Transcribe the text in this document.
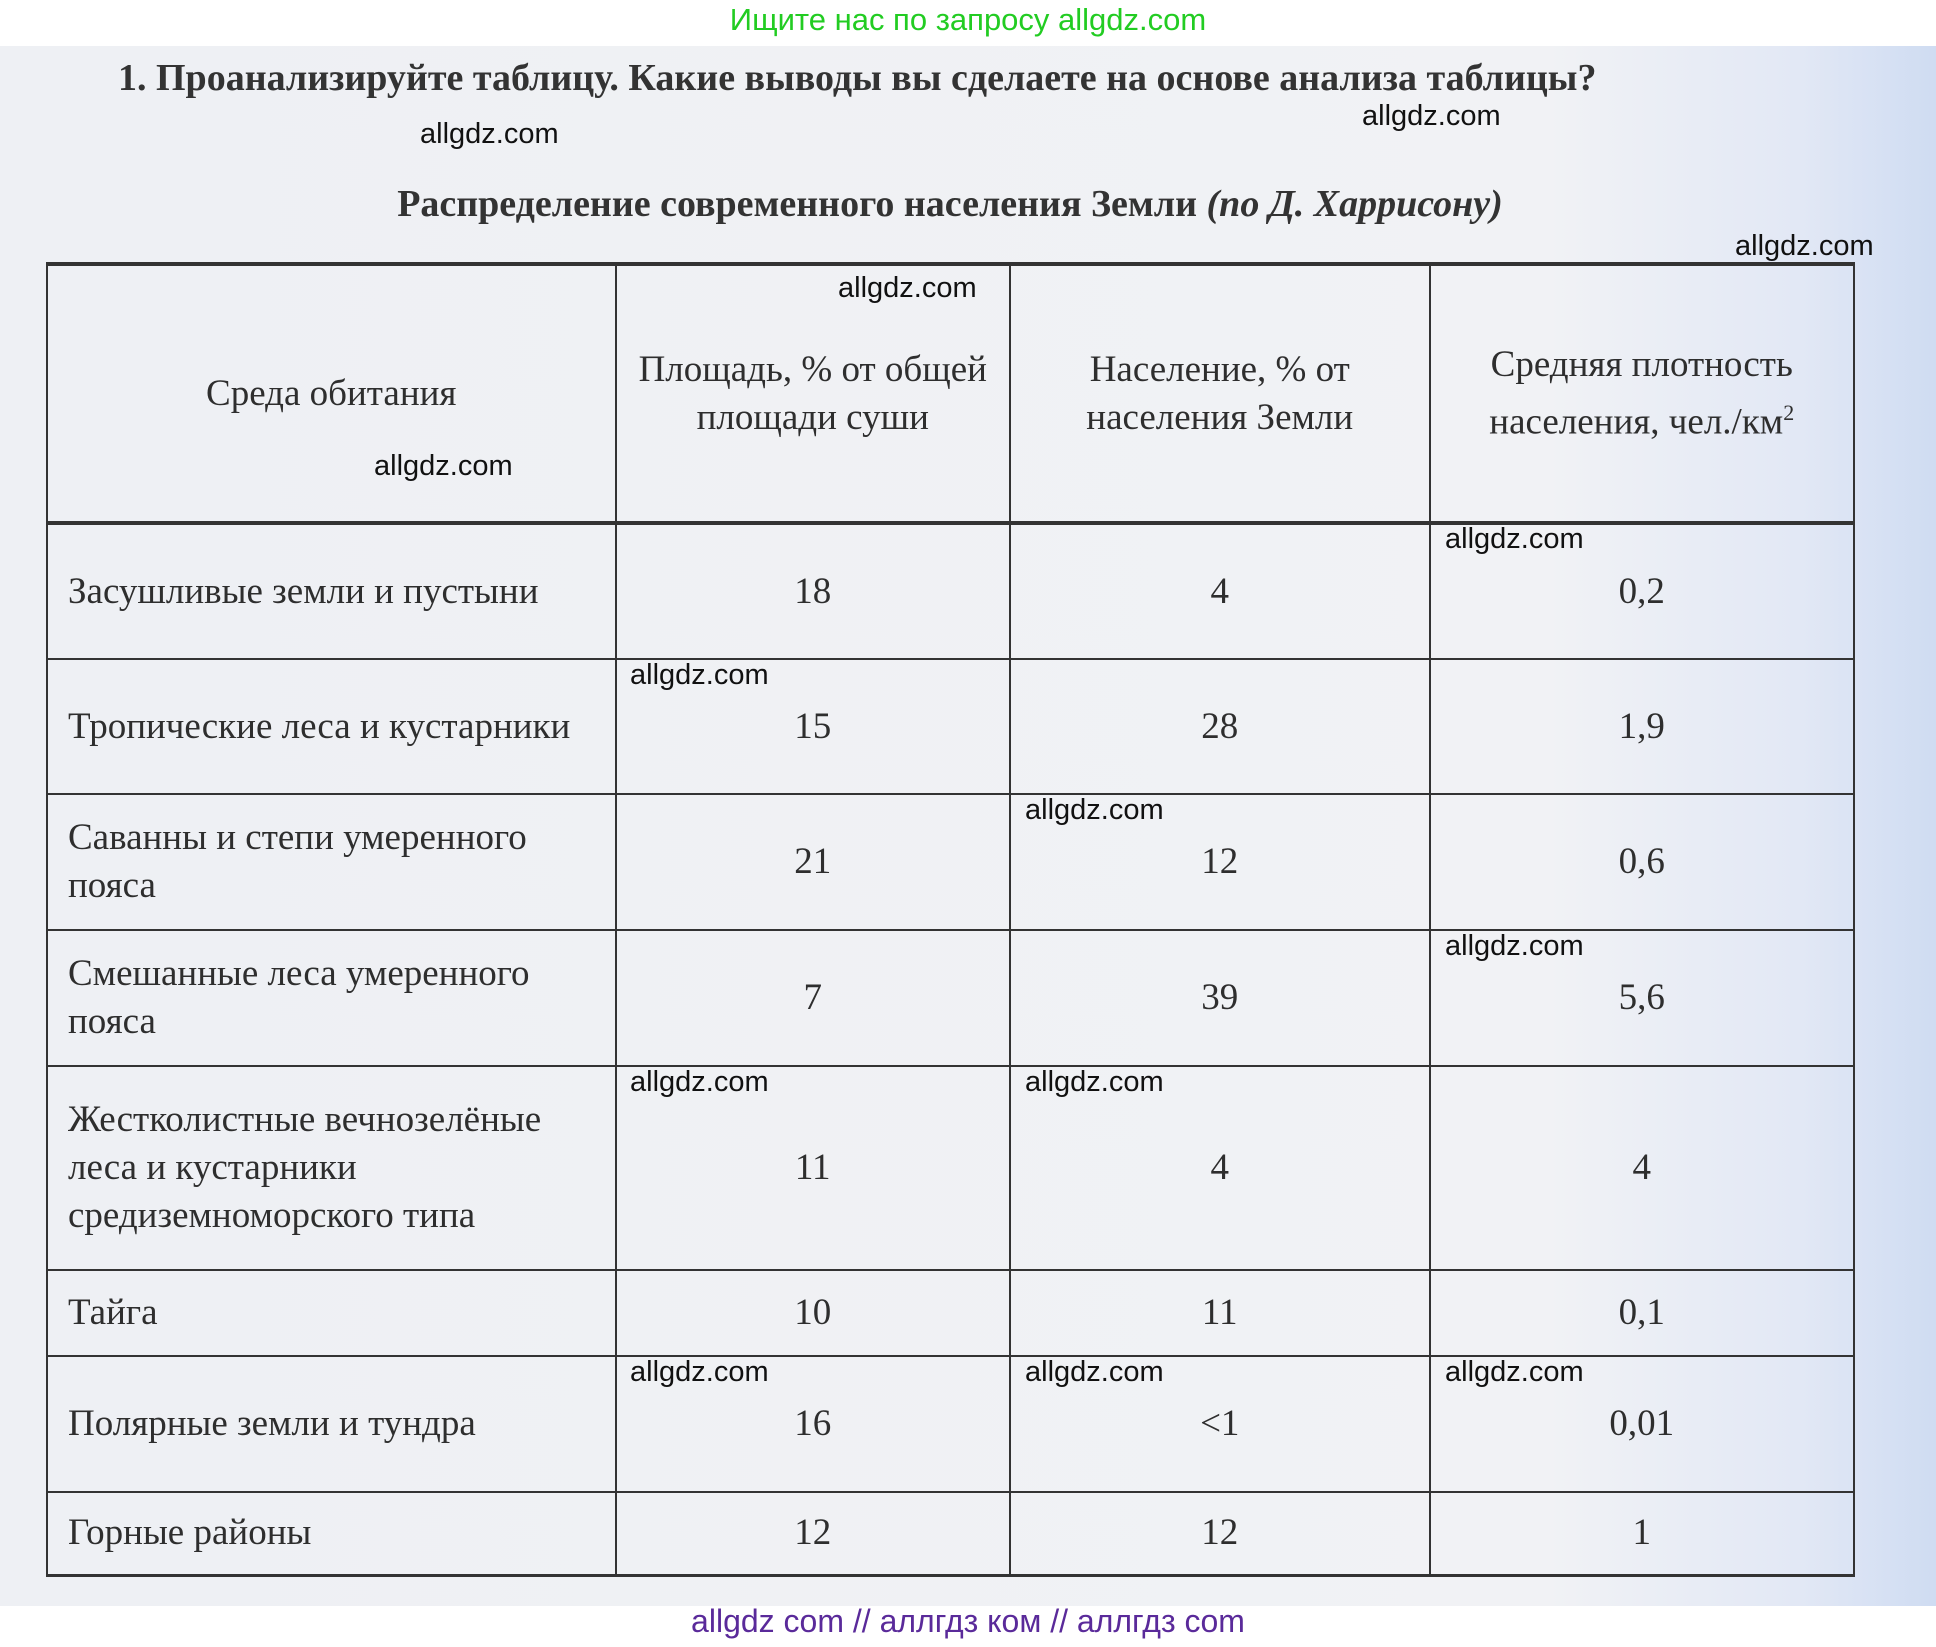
Ищите нас по запросу allgdz.com
1. Проанализируйте таблицу. Какие выводы вы сделаете на основе анализа таблицы?
Распределение современного населения Земли (по Д. Харрисону)
Среда обитания	Площадь, % от общей площади суши	Население, % от населения Земли	Средняя плотность населения, $чел./км^2$
Засушливые земли и пустыни	18	4	0,2
Тропические леса и кустарники	15	28	1,9
Саванны и степи умеренного пояса	21	12	0,6
Смешанные леса умеренного пояса	7	39	5,6
Жестколистные вечнозелёные леса и кустарники средиземноморского типа	11	4	4
Тайга	10	11	0,1
Полярные земли и тундра	16	<1	0,01
Горные районы	12	12	1
allgdz.com
allgdz.com
allgdz.com
allgdz.com
allgdz.com
allgdz.com
allgdz.com
allgdz.com
allgdz.com
allgdz.com	allgdz.com
allgdz.com	allgdz.com
allgdz.com
allgdz com // аллгдз ком // аллгдз com
